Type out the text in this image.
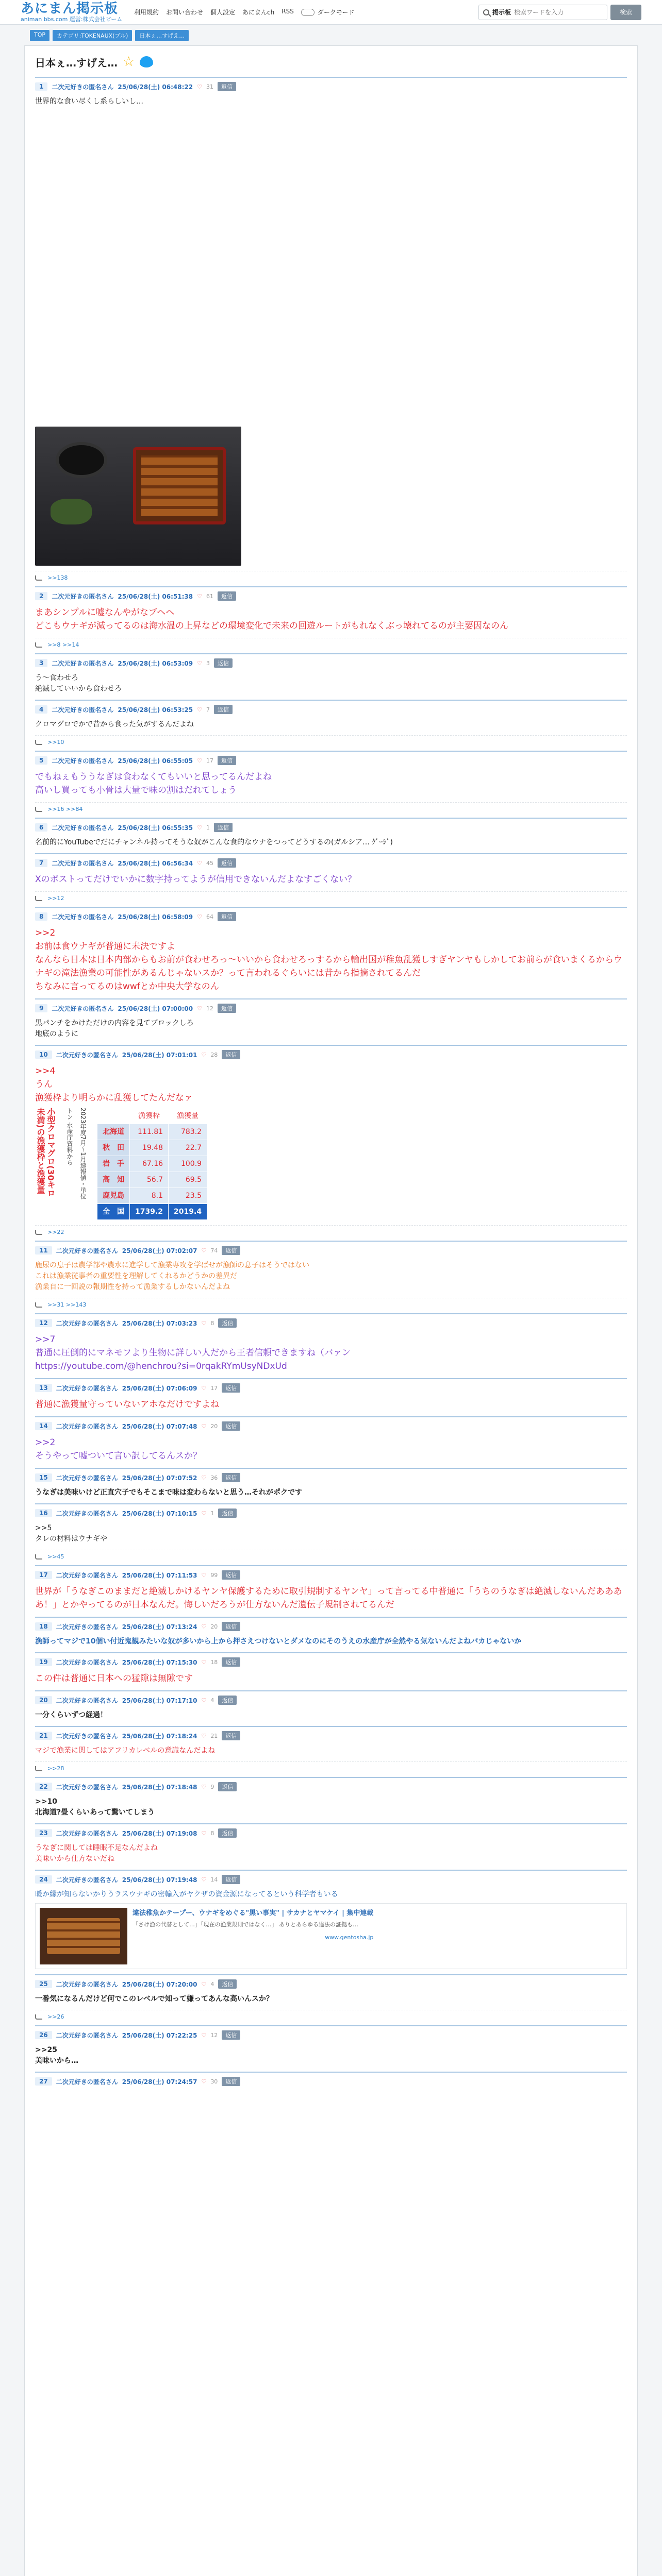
あにまん掲示板
animan bbs.com 運営:株式会社ビーム
利用規約 お問い合わせ 個人設定 あにまんch RSS	ダークモード	掲示板
検索ワードを入力	検索
TOP	カテゴリ:TOKENAUX(ブル)	日本ぇ…すげえ…
日本ぇ…すげえ… ☆
1	二次元好きの匿名さん 25/06/28(土) 06:48:22 ♡ 31	返信
世界的な食い尽くし系らしいし…
>>138
2	二次元好きの匿名さん 25/06/28(土) 06:51:38 ♡ 61	返信
まあシンプルに嘘なんやがなブヘヘ
どこもウナギが減ってるのは海水温の上昇などの環境変化で未来の回遊ルートがもれなくぶっ壊れてるのが主要因なのん
>>8 >>14
3	二次元好きの匿名さん 25/06/28(土) 06:53:09 ♡ 3	返信
う～食わせろ
絶滅していいから食わせろ
4	二次元好きの匿名さん 25/06/28(土) 06:53:25 ♡ 7	返信
クロマグロでかで昔から食った気がするんだよね
>>10
5	二次元好きの匿名さん 25/06/28(土) 06:55:05 ♡ 17	返信
でもねぇもううなぎは食わなくてもいいと思ってるんだよね
高いし買っても小骨は大量で味の割はだれてしょう
>>16 >>84
6	二次元好きの匿名さん 25/06/28(土) 06:55:35 ♡ 1	返信
名前的にYouTubeでだにチャンネル持ってそうな奴がこんな食的なウナをつってどうするの(ガルシア… ｸﾞｰｼﾞ)
7	二次元好きの匿名さん 25/06/28(土) 06:56:34 ♡ 45	返信
Xのポストってだけでいかに数字持ってようが信用できないんだよなすごくない？
>>12
8	二次元好きの匿名さん 25/06/28(土) 06:58:09 ♡ 64	返信
>>2
お前は食ウナギが普通に未決ですよ
なんなら日本は日本内部からもお前が食わせろっ～いいから食わせろっするから輸出国が稚魚乱獲しすぎヤンヤもしかしてお前らが食いまくるからウナギの滝法漁業の可能性があるんじゃないスか？って言われるぐらいには昔から指摘されてるんだ
ちなみに言ってるのはwwfとか中央大学なのん
9	二次元好きの匿名さん 25/06/28(土) 07:00:00 ♡ 12	返信
黒パンチをかけただけの内容を見てブロックしろ
地底のように
10	二次元好きの匿名さん 25/06/28(土) 07:01:01 ♡ 28	返信
>>4
うん
漁獲枠より明らかに乱獲してたんだなァ
小型クロマグロ(30キロ未満)の漁獲枠と漁獲量	2023年度7月～1月速報値・単位トン 水産庁資料から
		漁獲枠	漁獲量
北海道	111.81	783.2
秋　田	19.48	22.7
岩　手	67.16	100.9
高　知	56.7	69.5
鹿児島	8.1	23.5
全　国	1739.2	2019.4
>>22
11	二次元好きの匿名さん 25/06/28(土) 07:02:07 ♡ 74	返信
鹿尿の息子は農学部や農水に進学して漁業専攻を学ばせが漁師の息子はそうではない
これは漁業従事者の重要性を理解してくれるかどうかの差異だ
漁業自に一回説の報期性を持って漁業するしかないんだよね
>>31 >>143
12	二次元好きの匿名さん 25/06/28(土) 07:03:23 ♡ 8	返信
>>7
普通に圧倒的にマネモフより生物に詳しい人だから王者信頼できますね（バァン
https://youtube.com/@henchrou?si=0rqakRYmUsyNDxUd
13	二次元好きの匿名さん 25/06/28(土) 07:06:09 ♡ 17	返信
普通に漁獲量守っていないアホなだけですよね
14	二次元好きの匿名さん 25/06/28(土) 07:07:48 ♡ 20	返信
>>2
そうやって嘘ついて言い訳してるんスか？
15	二次元好きの匿名さん 25/06/28(土) 07:07:52 ♡ 36	返信
うなぎは美味いけど正直穴子でもそこまで味は変わらないと思う…それがポクです
16	二次元好きの匿名さん 25/06/28(土) 07:10:15 ♡ 1	返信
>>5
タレの材料はウナギや
>>45
17	二次元好きの匿名さん 25/06/28(土) 07:11:53 ♡ 99	返信
世界が「うなぎこのままだと絶滅しかけるヤンヤ保護するために取引規制するヤンヤ」って言ってる中普通に「うちのうなぎは絶滅しないんだああああ！」とかやってるのが日本なんだ。悔しいだろうが仕方ないんだ遺伝子規制されてるんだ
18	二次元好きの匿名さん 25/06/28(土) 07:13:24 ♡ 20	返信
漁師ってマジで10個い付近鬼観みたいな奴が多いから上から押さえつけないとダメなのにそのうえの水産庁が全然やる気ないんだよねパカじゃないか
19	二次元好きの匿名さん 25/06/28(土) 07:15:30 ♡ 18	返信
この件は普通に日本への猛隙は無隙です
20	二次元好きの匿名さん 25/06/28(土) 07:17:10 ♡ 4	返信
一分くらいずつ経過！
21	二次元好きの匿名さん 25/06/28(土) 07:18:24 ♡ 21	返信
マジで漁業に関してはアフリカレベルの意識なんだよね
>>28
22	二次元好きの匿名さん 25/06/28(土) 07:18:48 ♡ 9	返信
>>10
北海道?畳くらいあって驚いてしまう
23	二次元好きの匿名さん 25/06/28(土) 07:19:08 ♡ 8	返信
うなぎに関しては睡眠不足なんだよね
美味いから仕方ないだね
24	二次元好きの匿名さん 25/06/28(土) 07:19:48 ♡ 14	返信
暖か縁が知らないかりうラスウナギの密輸入がヤクザの資金源になってるという科学者もいる
違法稚魚かテープー、ウナギをめぐる"黒い事実" | サカナとヤマケイ | 集中連載
「さけ漁の代替として…」「現在の漁業規則ではなく…」 ありとあらゆる違法の証拠も…
www.gentosha.jp
25	二次元好きの匿名さん 25/06/28(土) 07:20:00 ♡ 4	返信
一番気になるんだけど何でこのレベルで知って嫌ってあんな高いんスか？
>>26
26	二次元好きの匿名さん 25/06/28(土) 07:22:25 ♡ 12	返信
>>25
美味いから…
27	二次元好きの匿名さん 25/06/28(土) 07:24:57 ♡ 30	返信
